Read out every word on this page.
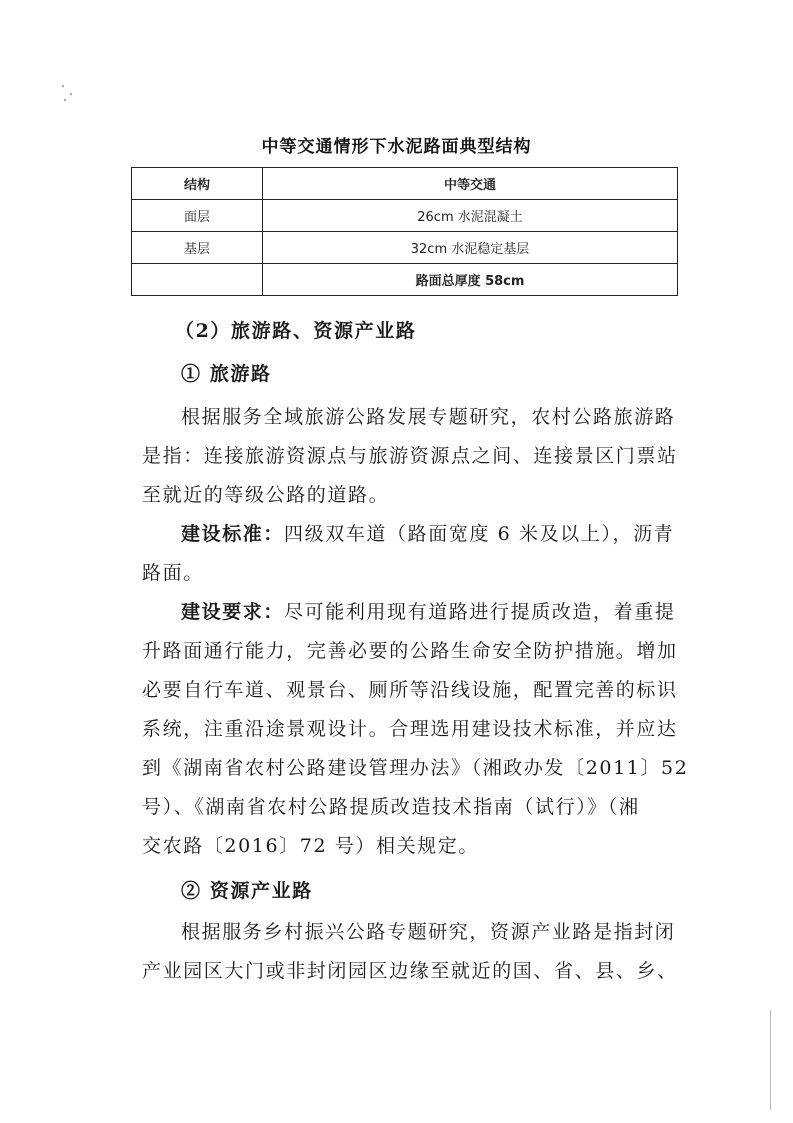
中等交通情形下水泥路面典型结构
结构	中等交通
面层	26cm 水泥混凝土
基层	32cm 水泥稳定基层
	路面总厚度 58cm
（2）旅游路、资源产业路
① 旅游路
根据服务全域旅游公路发展专题研究，农村公路旅游路
是指：连接旅游资源点与旅游资源点之间、连接景区门票站
至就近的等级公路的道路。
建设标准：四级双车道（路面宽度 6 米及以上），沥青
路面。
建设要求：尽可能利用现有道路进行提质改造，着重提
升路面通行能力，完善必要的公路生命安全防护措施。增加
必要自行车道、观景台、厕所等沿线设施，配置完善的标识
系统，注重沿途景观设计。合理选用建设技术标准，并应达
到《湖南省农村公路建设管理办法》（湘政办发〔2011〕52
号）、《湖南省农村公路提质改造技术指南（试行）》（湘
交农路〔2016〕72 号）相关规定。
② 资源产业路
根据服务乡村振兴公路专题研究，资源产业路是指封闭
产业园区大门或非封闭园区边缘至就近的国、省、县、乡、
